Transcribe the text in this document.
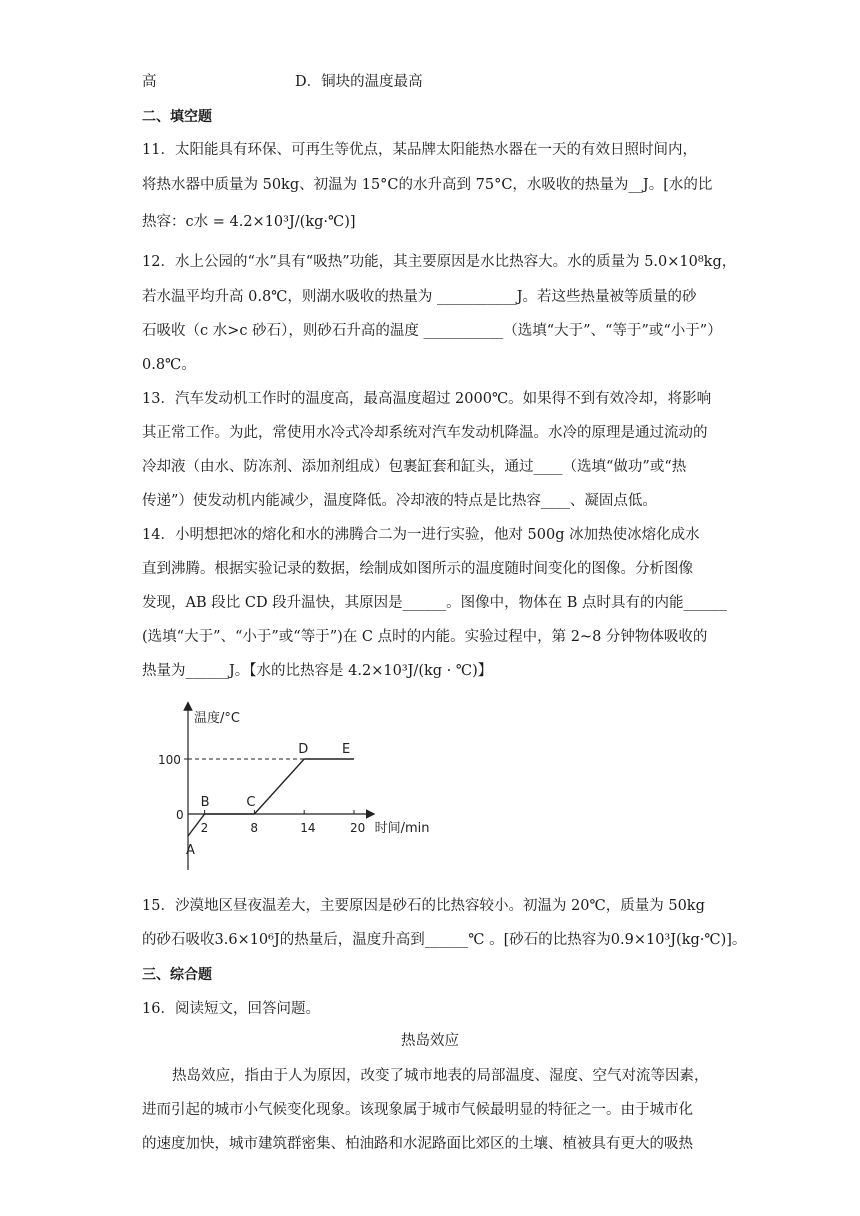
高	D．铜块的温度最高
二、填空题
11．太阳能具有环保、可再生等优点，某品牌太阳能热水器在一天的有效日照时间内，
将热水器中质量为 50kg、初温为 15°C的水升高到 75°C，水吸收的热量为__J。[水的比
热容：c水 = 4.2×10³J/(kg·℃)]
12．水上公园的“水”具有“吸热”功能，其主要原因是水比热容大。水的质量为 5.0×10⁸kg，
若水温平均升高 0.8℃，则湖水吸收的热量为 ___________J。若这些热量被等质量的砂
石吸收（c 水>c 砂石），则砂石升高的温度 ___________（选填“大于”、“等于”或“小于”）
0.8℃。
13．汽车发动机工作时的温度高，最高温度超过 2000℃。如果得不到有效冷却，将影响
其正常工作。为此，常使用水冷式冷却系统对汽车发动机降温。水冷的原理是通过流动的
冷却液（由水、防冻剂、添加剂组成）包裹缸套和缸头，通过____（选填“做功”或“热
传递”）使发动机内能减少，温度降低。冷却液的特点是比热容____、凝固点低。
14．小明想把冰的熔化和水的沸腾合二为一进行实验，他对 500g 冰加热使冰熔化成水
直到沸腾。根据实验记录的数据，绘制成如图所示的温度随时间变化的图像。分析图像
发现，AB 段比 CD 段升温快，其原因是______。图像中，物体在 B 点时具有的内能______
(选填“大于”、“小于”或“等于”)在 C 点时的内能。实验过程中，第 2~8 分钟物体吸收的
热量为______J。【水的比热容是 4.2×10³J/(kg · ℃)】
温度/°C
时间/min
100
0
2	8	14	20
A
B	C
D	E
15．沙漠地区昼夜温差大，主要原因是砂石的比热容较小。初温为 20℃，质量为 50kg
的砂石吸收3.6×10⁶J的热量后，温度升高到______℃ 。[砂石的比热容为0.9×10³J(kg·℃)]。
三、综合题
16．阅读短文，回答问题。
热岛效应
热岛效应，指由于人为原因，改变了城市地表的局部温度、湿度、空气对流等因素，
进而引起的城市小气候变化现象。该现象属于城市气候最明显的特征之一。由于城市化
的速度加快，城市建筑群密集、柏油路和水泥路面比郊区的土壤、植被具有更大的吸热
